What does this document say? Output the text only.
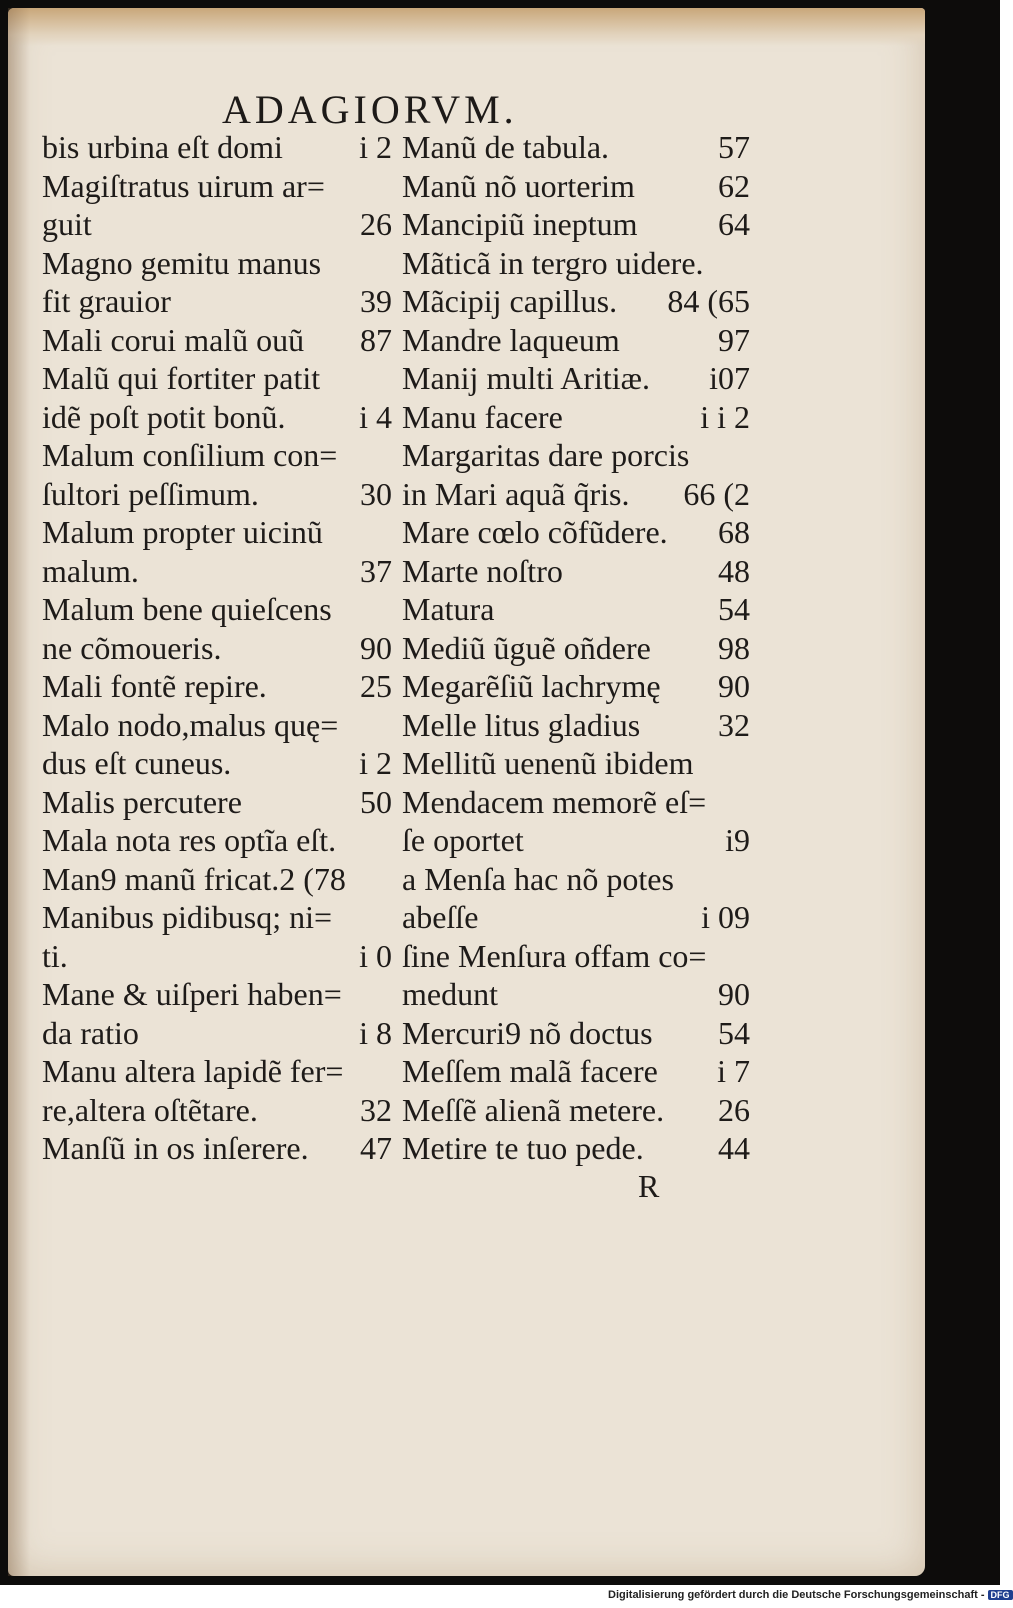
ADAGIORVM.
bis urbina eſt domi i 2
Magiſtratus uirum ar=
guit	26
Magno gemitu manus
fit grauior	39
Mali corui malũ ouũ 87
Malũ qui fortiter patit
idẽ poſt potit bonũ. i 4
Malum conſilium con=
ſultori peſſimum.	30
Malum propter uicinũ
malum.	37
Malum bene quieſcens
ne cõmoueris.	90
Mali fontẽ repire.	25
Malo nodo,malus quę=
dus eſt cuneus.	i 2
Malis percutere	50
Mala nota res optĩa eſt.
Man9 manũ fricat.2 (78
Manibus pidibusq; ni=
ti.	i 0
Mane & uiſperi haben=
da ratio	i 8
Manu altera lapidẽ fer=
re,altera oſtẽtare.	32
Manſũ in os inſerere. 47
Manũ de tabula.	57
Manũ nõ uorterim	62
Mancipiũ ineptum	64
Mãticã in tergro uidere.
Mãcipij capillus. 84 (65
Mandre laqueum	97
Manij multi Aritiæ. i07
Manu facere	i i 2
Margaritas dare porcis
in Mari aquã q̃ris. 66 (2
Mare cœlo cõfũdere. 68
Marte noſtro	48
Matura	54
Mediũ ũguẽ oñdere 98
Megarẽſiũ lachrymę 90
Melle litus gladius 32
Mellitũ uenenũ ibidem
Mendacem memorẽ eſ=
ſe oportet	i9
a Menſa hac nõ potes
abeſſe	i 09
ſine Menſura offam co=
medunt	90
Mercuri9 nõ doctus 54
Meſſem malã facere i 7
Meſſẽ alienã metere. 26
Metire te tuo pede. 44
R
Digitalisierung gefördert durch die Deutsche Forschungsgemeinschaft - DFG
